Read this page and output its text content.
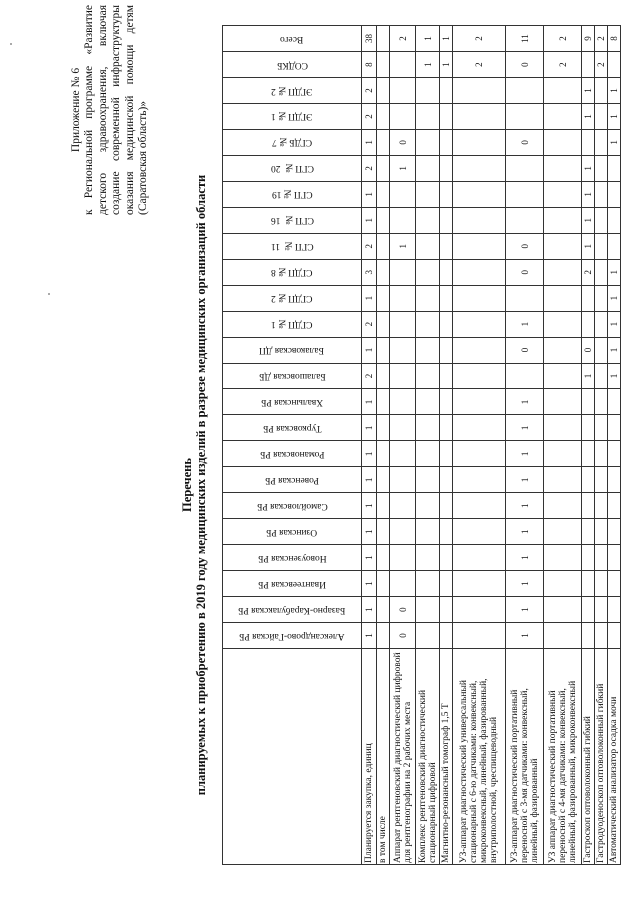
Приложение № 6 к Региональной программе «Развитие детского здравоохранения, включая создание современной инфраструктуры оказания медицинской помощи детям (Саратовская область)»
Перечень планируемых к приобретению в 2019 году медицинских изделий в разрезе медицинских организаций области

	Александрово-Гайская РБ	Базарно-Карабулакская РБ	Ивантеевская РБ	Новоузенская РБ	Озинская РБ	Самойловская РБ	Ровенская РБ	Романовская РБ	Турковская РБ	Хвалынская РБ	Балашовская ДБ	Балаковская ДП	СГДП №1	СГДП №2	СГДП №8	СГП № 11	СГП № 16	СГП №19	СГП № 20	СГДБ №7	ЭГДП №1	ЭГДП №2	СОДКБ	Всего

Планируется закупка, единиц	1	1	1	1	1	1	1	1	1	1	2	1	2	1	3	2	1	1	2	1	2	2	8	38
в том числе																								
Аппарат рентгеновский диагностический цифровой для рентгенографии на 2 рабочих места	0	0														1			1	0				2
Комплекс рентгеновский диагностический стационарный цифровой																							1	1
Магнитно-резонансный томограф 1,5 Т																							1	1
УЗ-аппарат диагностический универсальный стационарный с 6-ю датчиками: конвексный, микроконвексный, линейный, фазированный, внутриполостной, чреспищеводный																							2	2
УЗ-аппарат диагностический портативный переносной с 3-мя датчиками: конвексный, линейный, фазированный	1	1	1	1	1	1	1	1	1	1		0	1		0	0				0			0	11
УЗ аппарат диагностический портативный переносной с 4-мя датчиками: конвексный, линейный, фазированный, микроконвексный																							2	2
Гастроскоп оптоволоконный гибкий											1	0			2	1	1	1	1		1	1		9
Гастродуоденоскоп оптоволоконный гибкий																							2	2
Автоматический анализатор осадка мочи											1	1	1	1	1					1	1	1		8
